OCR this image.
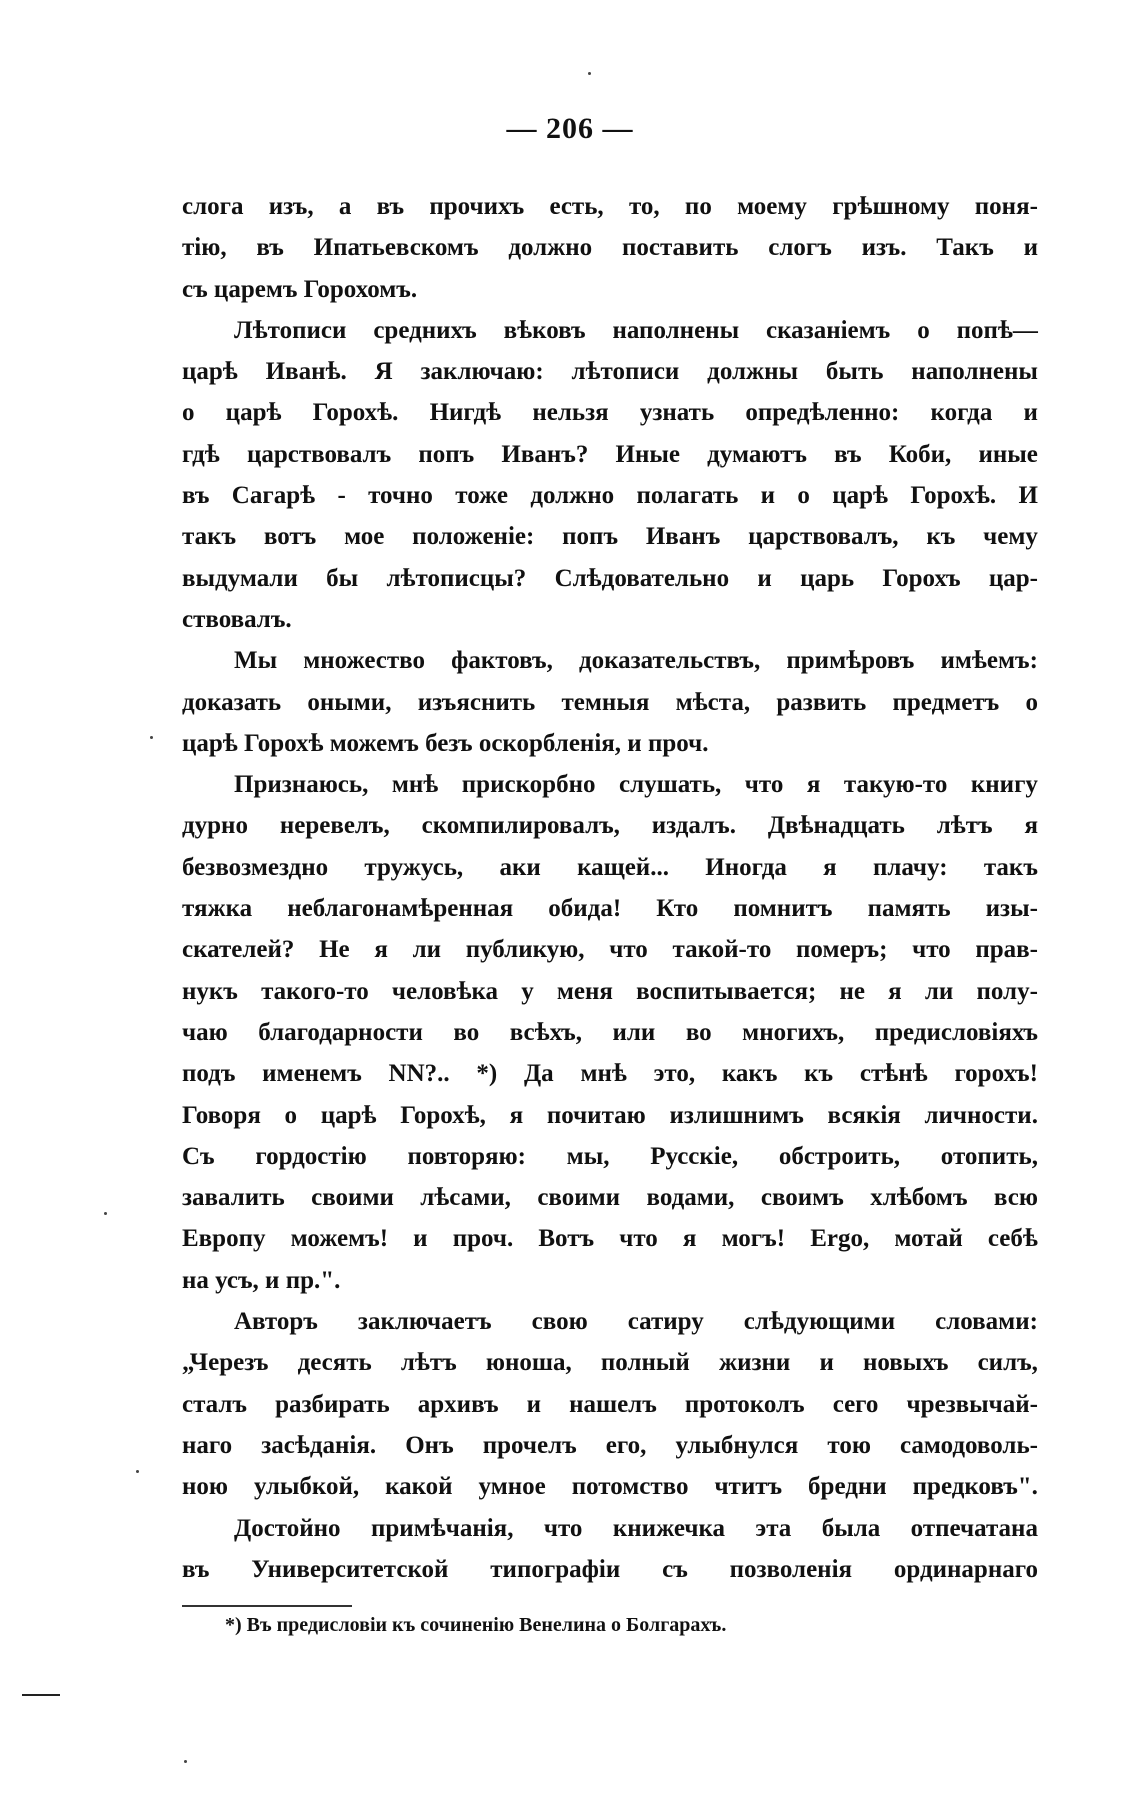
— 206 —
слога изъ, а въ прочихъ есть, то, по моему грѣшному поня-
тію, въ Ипатьевскомъ должно поставить слогъ изъ. Такъ и
съ царемъ Горохомъ.
Лѣтописи среднихъ вѣковъ наполнены сказаніемъ о попѣ—
царѣ Иванѣ. Я заключаю: лѣтописи должны быть наполнены
о царѣ Горохѣ. Нигдѣ нельзя узнать опредѣленно: когда и
гдѣ царствовалъ попъ Иванъ? Иные думаютъ въ Коби, иные
въ Сагарѣ - точно тоже должно полагать и о царѣ Горохѣ. И
такъ вотъ мое положеніе: попъ Иванъ царствовалъ, къ чему
выдумали бы лѣтописцы? Слѣдовательно и царь Горохъ цар-
ствовалъ.
Мы множество фактовъ, доказательствъ, примѣровъ имѣемъ:
доказать оными, изъяснить темныя мѣста, развить предметъ о
царѣ Горохѣ можемъ безъ оскорбленія, и проч.
Признаюсь, мнѣ прискорбно слушать, что я такую-то книгу
дурно неревелъ, скомпилировалъ, издалъ. Двѣнадцать лѣтъ я
безвозмездно тружусь, аки кащей... Иногда я плачу: такъ
тяжка неблагонамѣренная обида! Кто помнитъ память изы-
скателей? Не я ли публикую, что такой-то померъ; что прав-
нукъ такого-то человѣка у меня воспитывается; не я ли полу-
чаю благодарности во всѣхъ, или во многихъ, предисловіяхъ
подъ именемъ NN?.. *) Да мнѣ это, какъ къ стѣнѣ горохъ!
Говоря о царѣ Горохѣ, я почитаю излишнимъ всякія личности.
Съ гордостію повторяю: мы, Русскіе, обстроить, отопить,
завалить своими лѣсами, своими водами, своимъ хлѣбомъ всю
Европу можемъ! и проч. Вотъ что я могъ! Ergo, мотай себѣ
на усъ, и пр.".
Авторъ заключаетъ свою сатиру слѣдующими словами:
„Черезъ десять лѣтъ юноша, полный жизни и новыхъ силъ,
сталъ разбирать архивъ и нашелъ протоколъ сего чрезвычай-
наго засѣданія. Онъ прочелъ его, улыбнулся тою самодоволь-
ною улыбкой, какой умное потомство чтитъ бредни предковъ".
Достойно примѣчанія, что книжечка эта была отпечатана
въ Университетской типографіи съ позволенія ординарнаго
*) Въ предисловіи къ сочиненію Венелина о Болгарахъ.
